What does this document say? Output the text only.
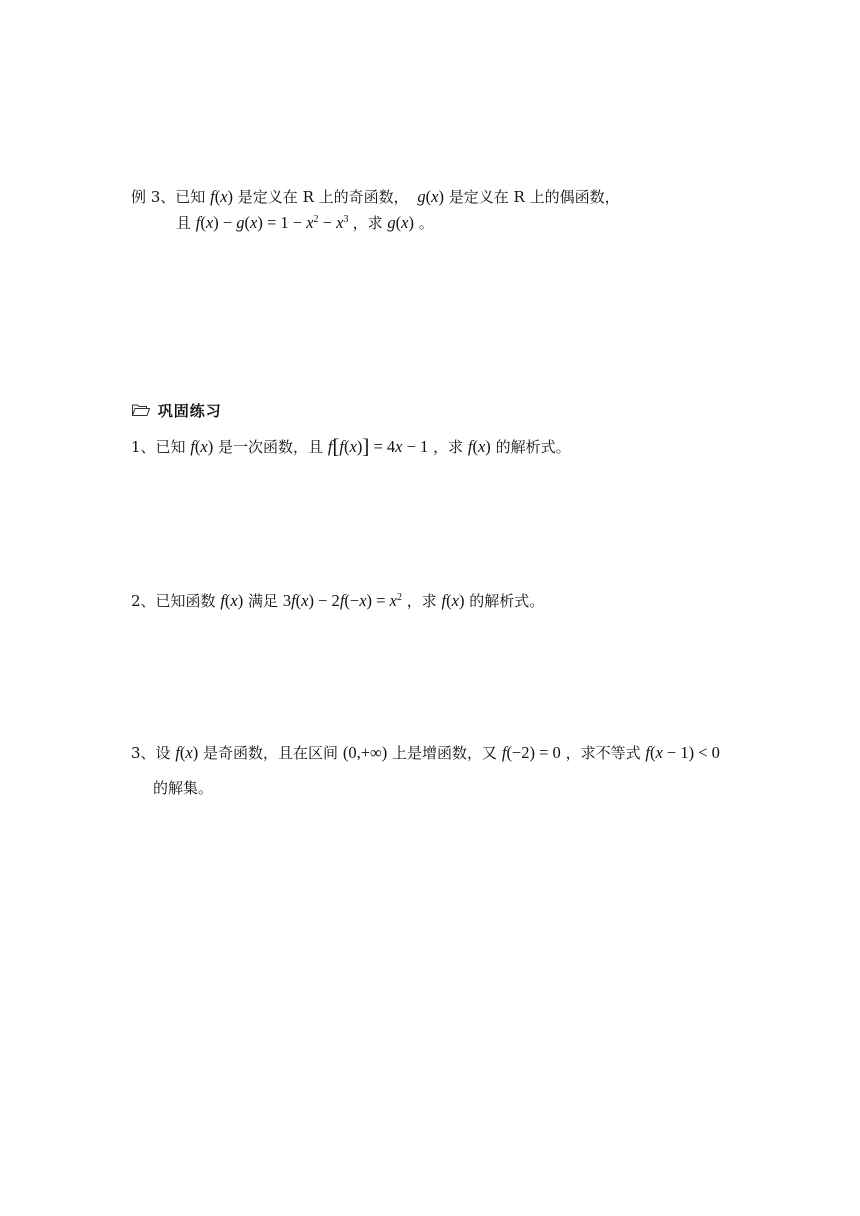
例 3、已知 f(x) 是定义在 R 上的奇函数， g(x) 是定义在 R 上的偶函数，
且 $f(x) - g(x) = 1 - x^2 - x^3$ ，求 g(x) 。
巩固练习
1、已知 f(x) 是一次函数，且 f[f(x)] = 4x − 1 ，求 f(x) 的解析式。
2、已知函数 f(x) 满足 $3f(x) - 2f(-x) = x^2$ ，求 f(x) 的解析式。
3、设 f(x) 是奇函数，且在区间 (0,+∞) 上是增函数，又 f(−2) = 0 ，求不等式 f(x − 1) < 0
的解集。
